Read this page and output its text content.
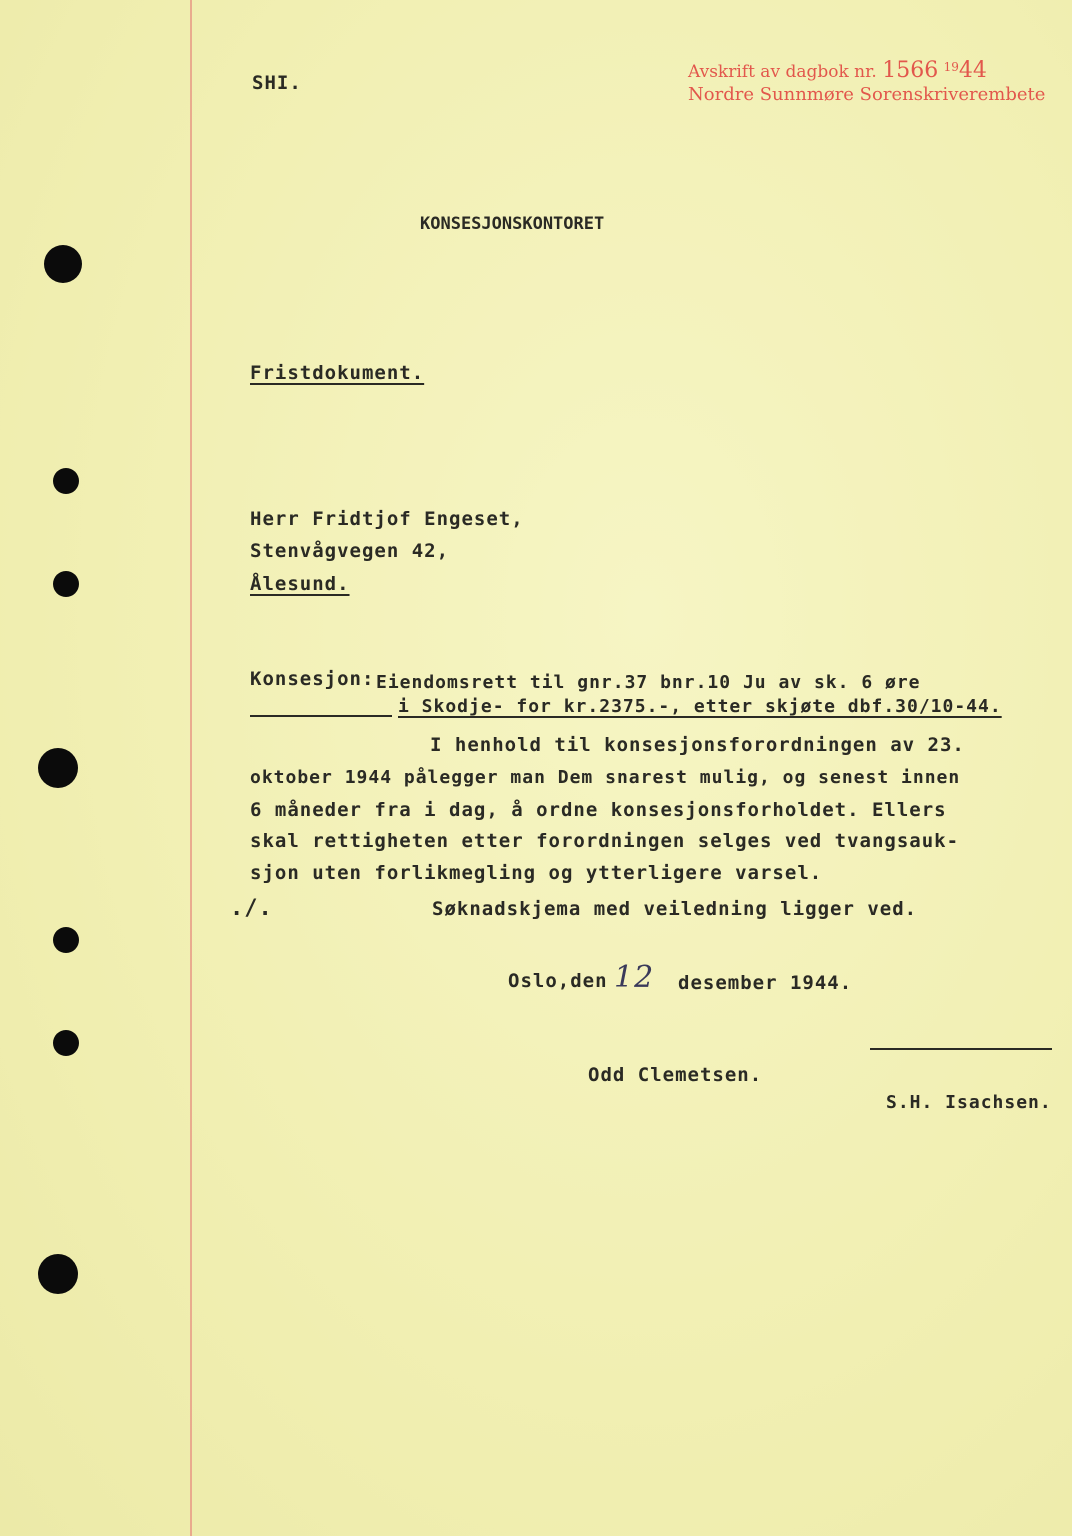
Avskrift av dagbok nr. 1566 $^{19}$44
Nordre Sunnmøre Sorenskriverembete
SHI.
KONSESJONSKONTORET
Fristdokument.
Herr Fridtjof Engeset,
Stenvågvegen 42,
Ålesund.
Konsesjon: Eiendomsrett til gnr.37 bnr.10 Ju av sk. 6 øre
i Skodje- for kr.2375.-, etter skjøte dbf.30/10-44.
I henhold til konsesjonsforordningen av 23.
oktober 1944 pålegger man Dem snarest mulig, og senest innen
6 måneder fra i dag, å ordne konsesjonsforholdet. Ellers
skal rettigheten etter forordningen selges ved tvangsauk-
sjon uten forlikmegling og ytterligere varsel.
./.	Søknadskjema med veiledning ligger ved.
Oslo,den 12 desember 1944.
Odd Clemetsen.
S.H. Isachsen.
